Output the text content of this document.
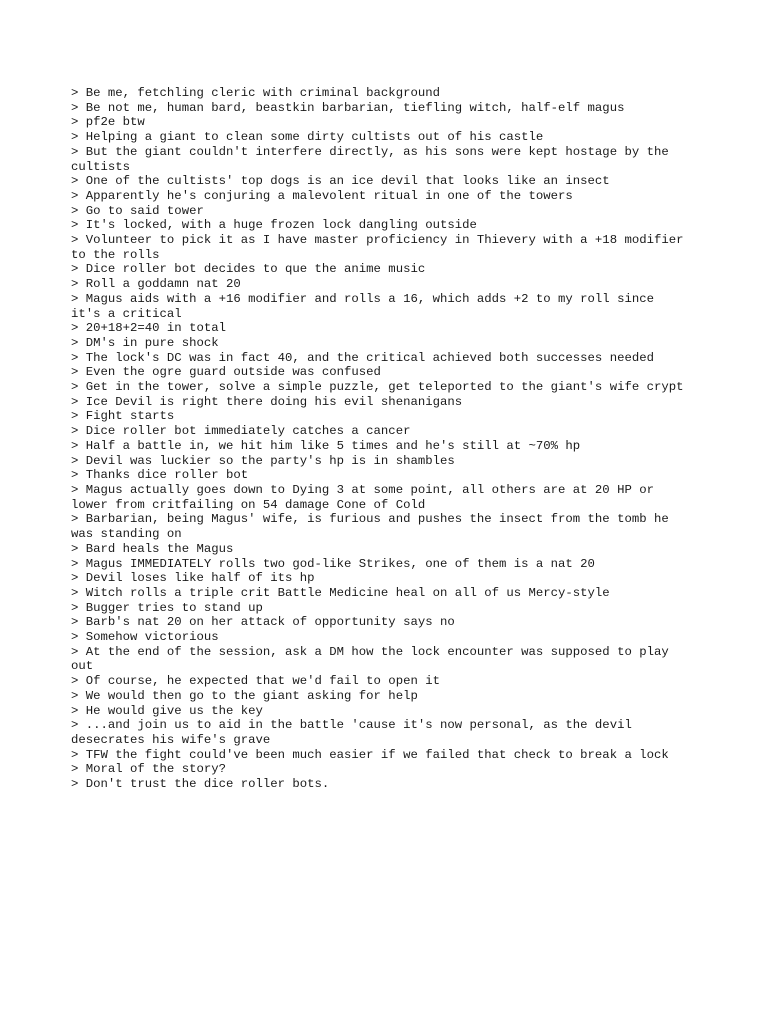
> Be me, fetchling cleric with criminal background

> Be not me, human bard, beastkin barbarian, tiefling witch, half-elf magus

> pf2e btw

> Helping a giant to clean some dirty cultists out of his castle

> But the giant couldn't interfere directly, as his sons were kept hostage by the
cultists

> One of the cultists' top dogs is an ice devil that looks like an insect

> Apparently he's conjuring a malevolent ritual in one of the towers

> Go to said tower

> It's locked, with a huge frozen lock dangling outside

> Volunteer to pick it as I have master proficiency in Thievery with a +18 modifier
to the rolls

> Dice roller bot decides to que the anime music

> Roll a goddamn nat 20

> Magus aids with a +16 modifier and rolls a 16, which adds +2 to my roll since
it's a critical

> 20+18+2=40 in total

> DM's in pure shock

> The lock's DC was in fact 40, and the critical achieved both successes needed

> Even the ogre guard outside was confused

> Get in the tower, solve a simple puzzle, get teleported to the giant's wife crypt

> Ice Devil is right there doing his evil shenanigans

> Fight starts

> Dice roller bot immediately catches a cancer

> Half a battle in, we hit him like 5 times and he's still at ~70% hp

> Devil was luckier so the party's hp is in shambles

> Thanks dice roller bot

> Magus actually goes down to Dying 3 at some point, all others are at 20 HP or
lower from critfailing on 54 damage Cone of Cold

> Barbarian, being Magus' wife, is furious and pushes the insect from the tomb he
was standing on

> Bard heals the Magus

> Magus IMMEDIATELY rolls two god-like Strikes, one of them is a nat 20

> Devil loses like half of its hp

> Witch rolls a triple crit Battle Medicine heal on all of us Mercy-style

> Bugger tries to stand up

> Barb's nat 20 on her attack of opportunity says no

> Somehow victorious

> At the end of the session, ask a DM how the lock encounter was supposed to play
out

> Of course, he expected that we'd fail to open it

> We would then go to the giant asking for help

> He would give us the key

> ...and join us to aid in the battle 'cause it's now personal, as the devil
desecrates his wife's grave

> TFW the fight could've been much easier if we failed that check to break a lock

> Moral of the story?

> Don't trust the dice roller bots.
